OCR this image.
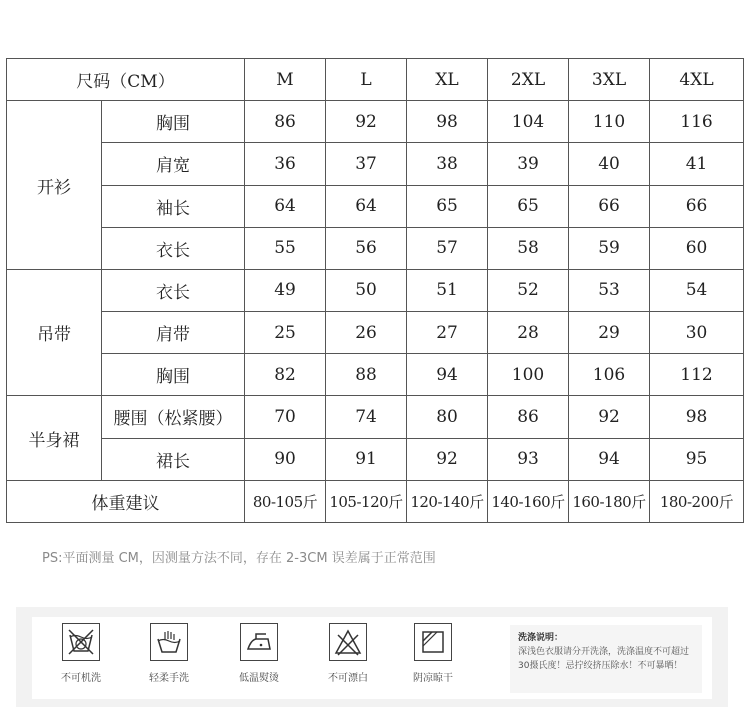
尺码（CM）		M	L	XL	2XL	3XL	4XL
开衫	胸围	86	92	98	104	110	116
	肩宽	36	37	38	39	40	41
	袖长	64	64	65	65	66	66
	衣长	55	56	57	58	59	60
吊带	衣长	49	50	51	52	53	54
	肩带	25	26	27	28	29	30
	胸围	82	88	94	100	106	112
半身裙	腰围（松紧腰）	70	74	80	86	92	98
	裙长	90	91	92	93	94	95
体重建议		80-105斤	105-120斤	120-140斤	140-160斤	160-180斤	180-200斤
PS:平面测量 CM，因测量方法不同，存在 2-3CM 误差属于正常范围
不可机洗	轻柔手洗	低温熨烫	不可漂白	阴凉晾干
洗涤说明：
深浅色衣服请分开洗涤，洗涤温度不可超过30摄氏度！忌拧绞挤压除水！不可暴晒！
